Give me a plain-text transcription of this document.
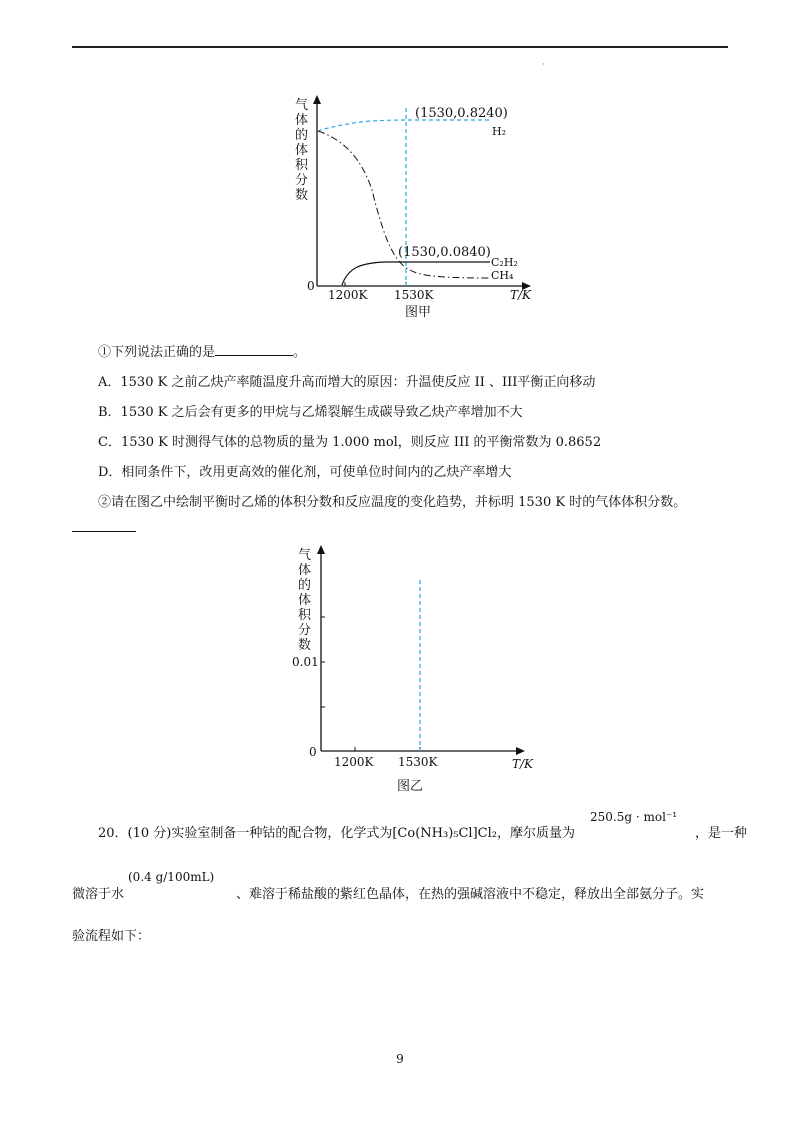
·
气
体
的
体
积
分
数
0
1200K 1530K	T/K
(1530,0.8240)
(1530,0.0840)
H₂
C₂H₂
CH₄
图甲
①下列说法正确的是	。
A．1530 K 之前乙炔产率随温度升高而增大的原因：升温使反应 II 、III平衡正向移动
B．1530 K 之后会有更多的甲烷与乙烯裂解生成碳导致乙炔产率增加不大
C．1530 K 时测得气体的总物质的量为 1.000 mol，则反应 III 的平衡常数为 0.8652
D．相同条件下，改用更高效的催化剂，可使单位时间内的乙炔产率增大
②请在图乙中绘制平衡时乙烯的体积分数和反应温度的变化趋势，并标明 1530 K 时的气体体积分数。
气
体
的
体
积
分
数
0
0.01
1200K 1530K	T/K
图乙
20．(10 分)实验室制备一种钴的配合物，化学式为[Co(NH₃)₅Cl]Cl₂，摩尔质量为	，是一种
250.5g · mol⁻¹
微溶于水	、难溶于稀盐酸的紫红色晶体，在热的强碱溶液中不稳定，释放出全部氨分子。实
(0.4 g/100mL)
验流程如下：
9
